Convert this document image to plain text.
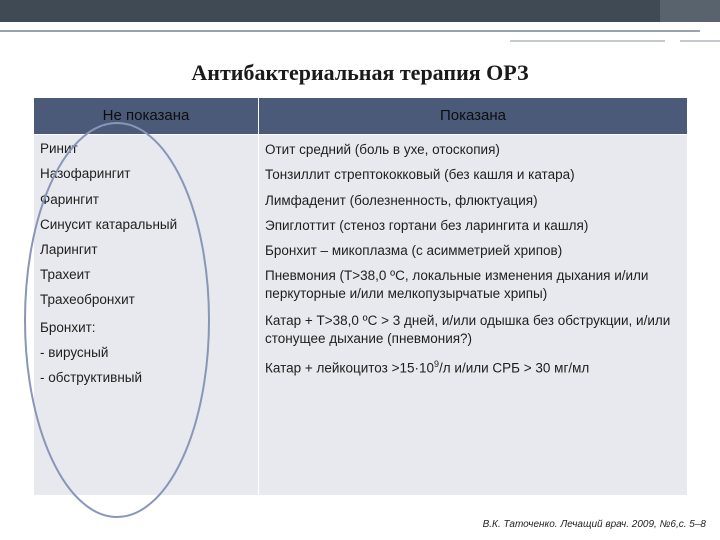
Антибактериальная терапия ОРЗ
Не показана	Показана
Ринит
Назофарингит
Фарингит
Синусит катаральный
Ларингит
Трахеит
Трахеобронхит
Бронхит:
- вирусный
- обструктивный
Отит средний (боль в ухе, отоскопия)
Тонзиллит стрептококковый (без кашля и катара)
Лимфаденит (болезненность, флюктуация)
Эпиглоттит (стеноз гортани без ларингита и кашля)
Бронхит – микоплазма (с асимметрией хрипов)
Пневмония (Т>38,0 ºС, локальные изменения дыхания и/или перкуторные и/или мелкопузырчатые хрипы)
Катар + Т>38,0 ºС > 3 дней, и/или одышка без обструкции, и/или стонущее дыхание (пневмония?)
Катар + лейкоцитоз $>15\cdot 10^9/л$ и/или СРБ > 30 мг/мл
В.К. Таточенко. Лечащий врач. 2009, №6,с. 5–8
